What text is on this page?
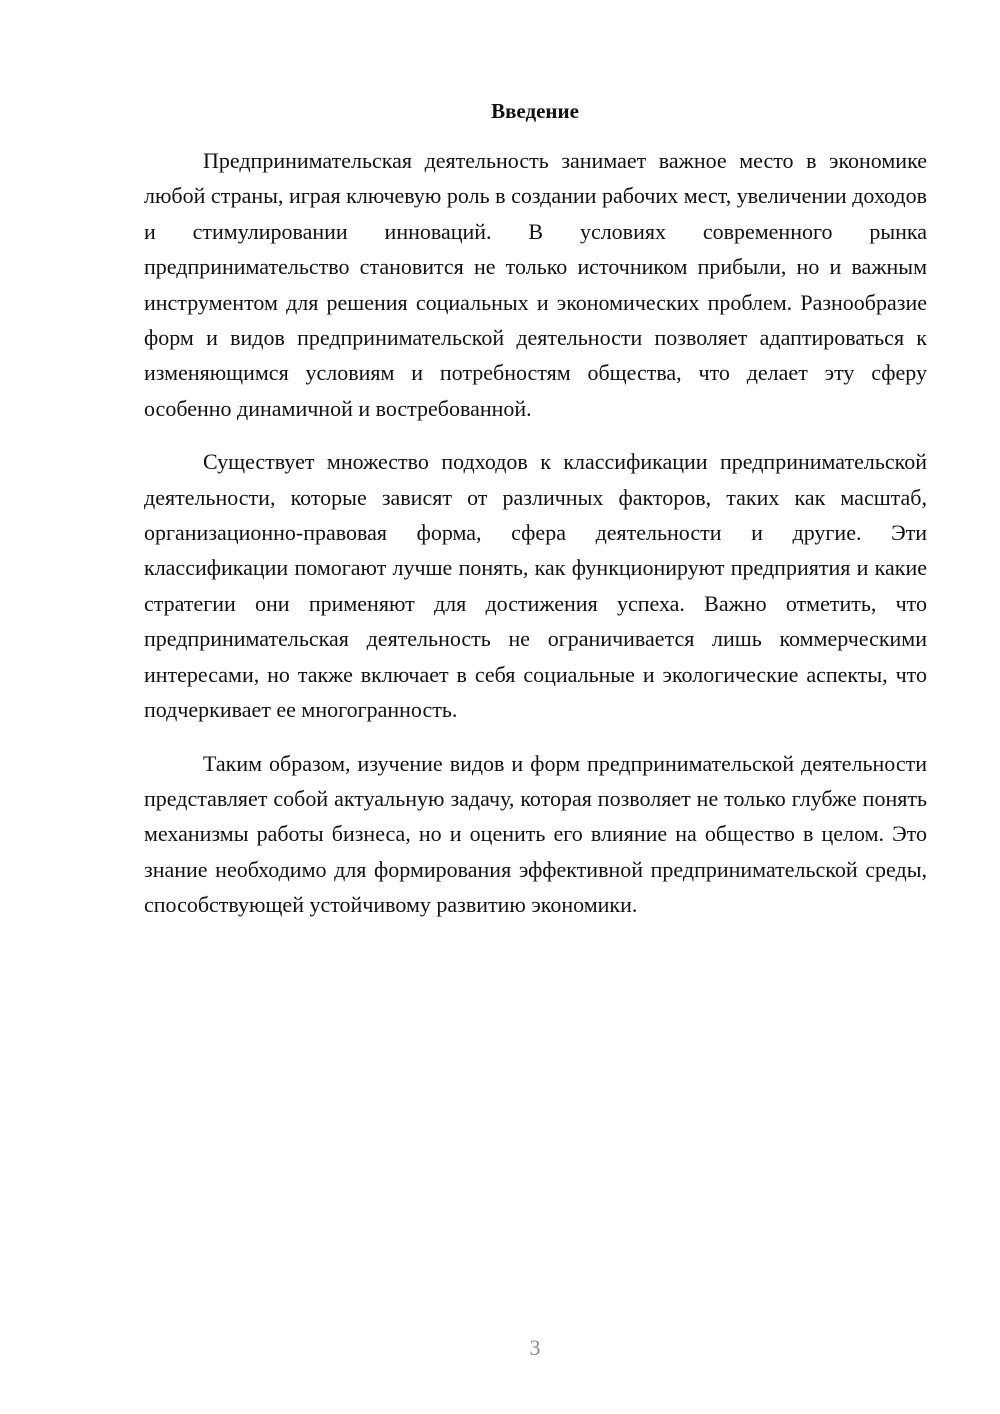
Введение

Предпринимательская деятельность занимает важное место в экономике любой страны, играя ключевую роль в создании рабочих мест, увеличении доходов и стимулировании инноваций. В условиях современного рынка предпринимательство становится не только источником прибыли, но и важным инструментом для решения социальных и экономических проблем. Разнообразие форм и видов предпринимательской деятельности позволяет адаптироваться к изменяющимся условиям и потребностям общества, что делает эту сферу особенно динамичной и востребованной.

Существует множество подходов к классификации предпринимательской деятельности, которые зависят от различных факторов, таких как масштаб, организационно-правовая форма, сфера деятельности и другие. Эти классификации помогают лучше понять, как функционируют предприятия и какие стратегии они применяют для достижения успеха. Важно отметить, что предпринимательская деятельность не ограничивается лишь коммерческими интересами, но также включает в себя социальные и экологические аспекты, что подчеркивает ее многогранность.

Таким образом, изучение видов и форм предпринимательской деятельности представляет собой актуальную задачу, которая позволяет не только глубже понять механизмы работы бизнеса, но и оценить его влияние на общество в целом. Это знание необходимо для формирования эффективной предпринимательской среды, способствующей устойчивому развитию экономики.

3
